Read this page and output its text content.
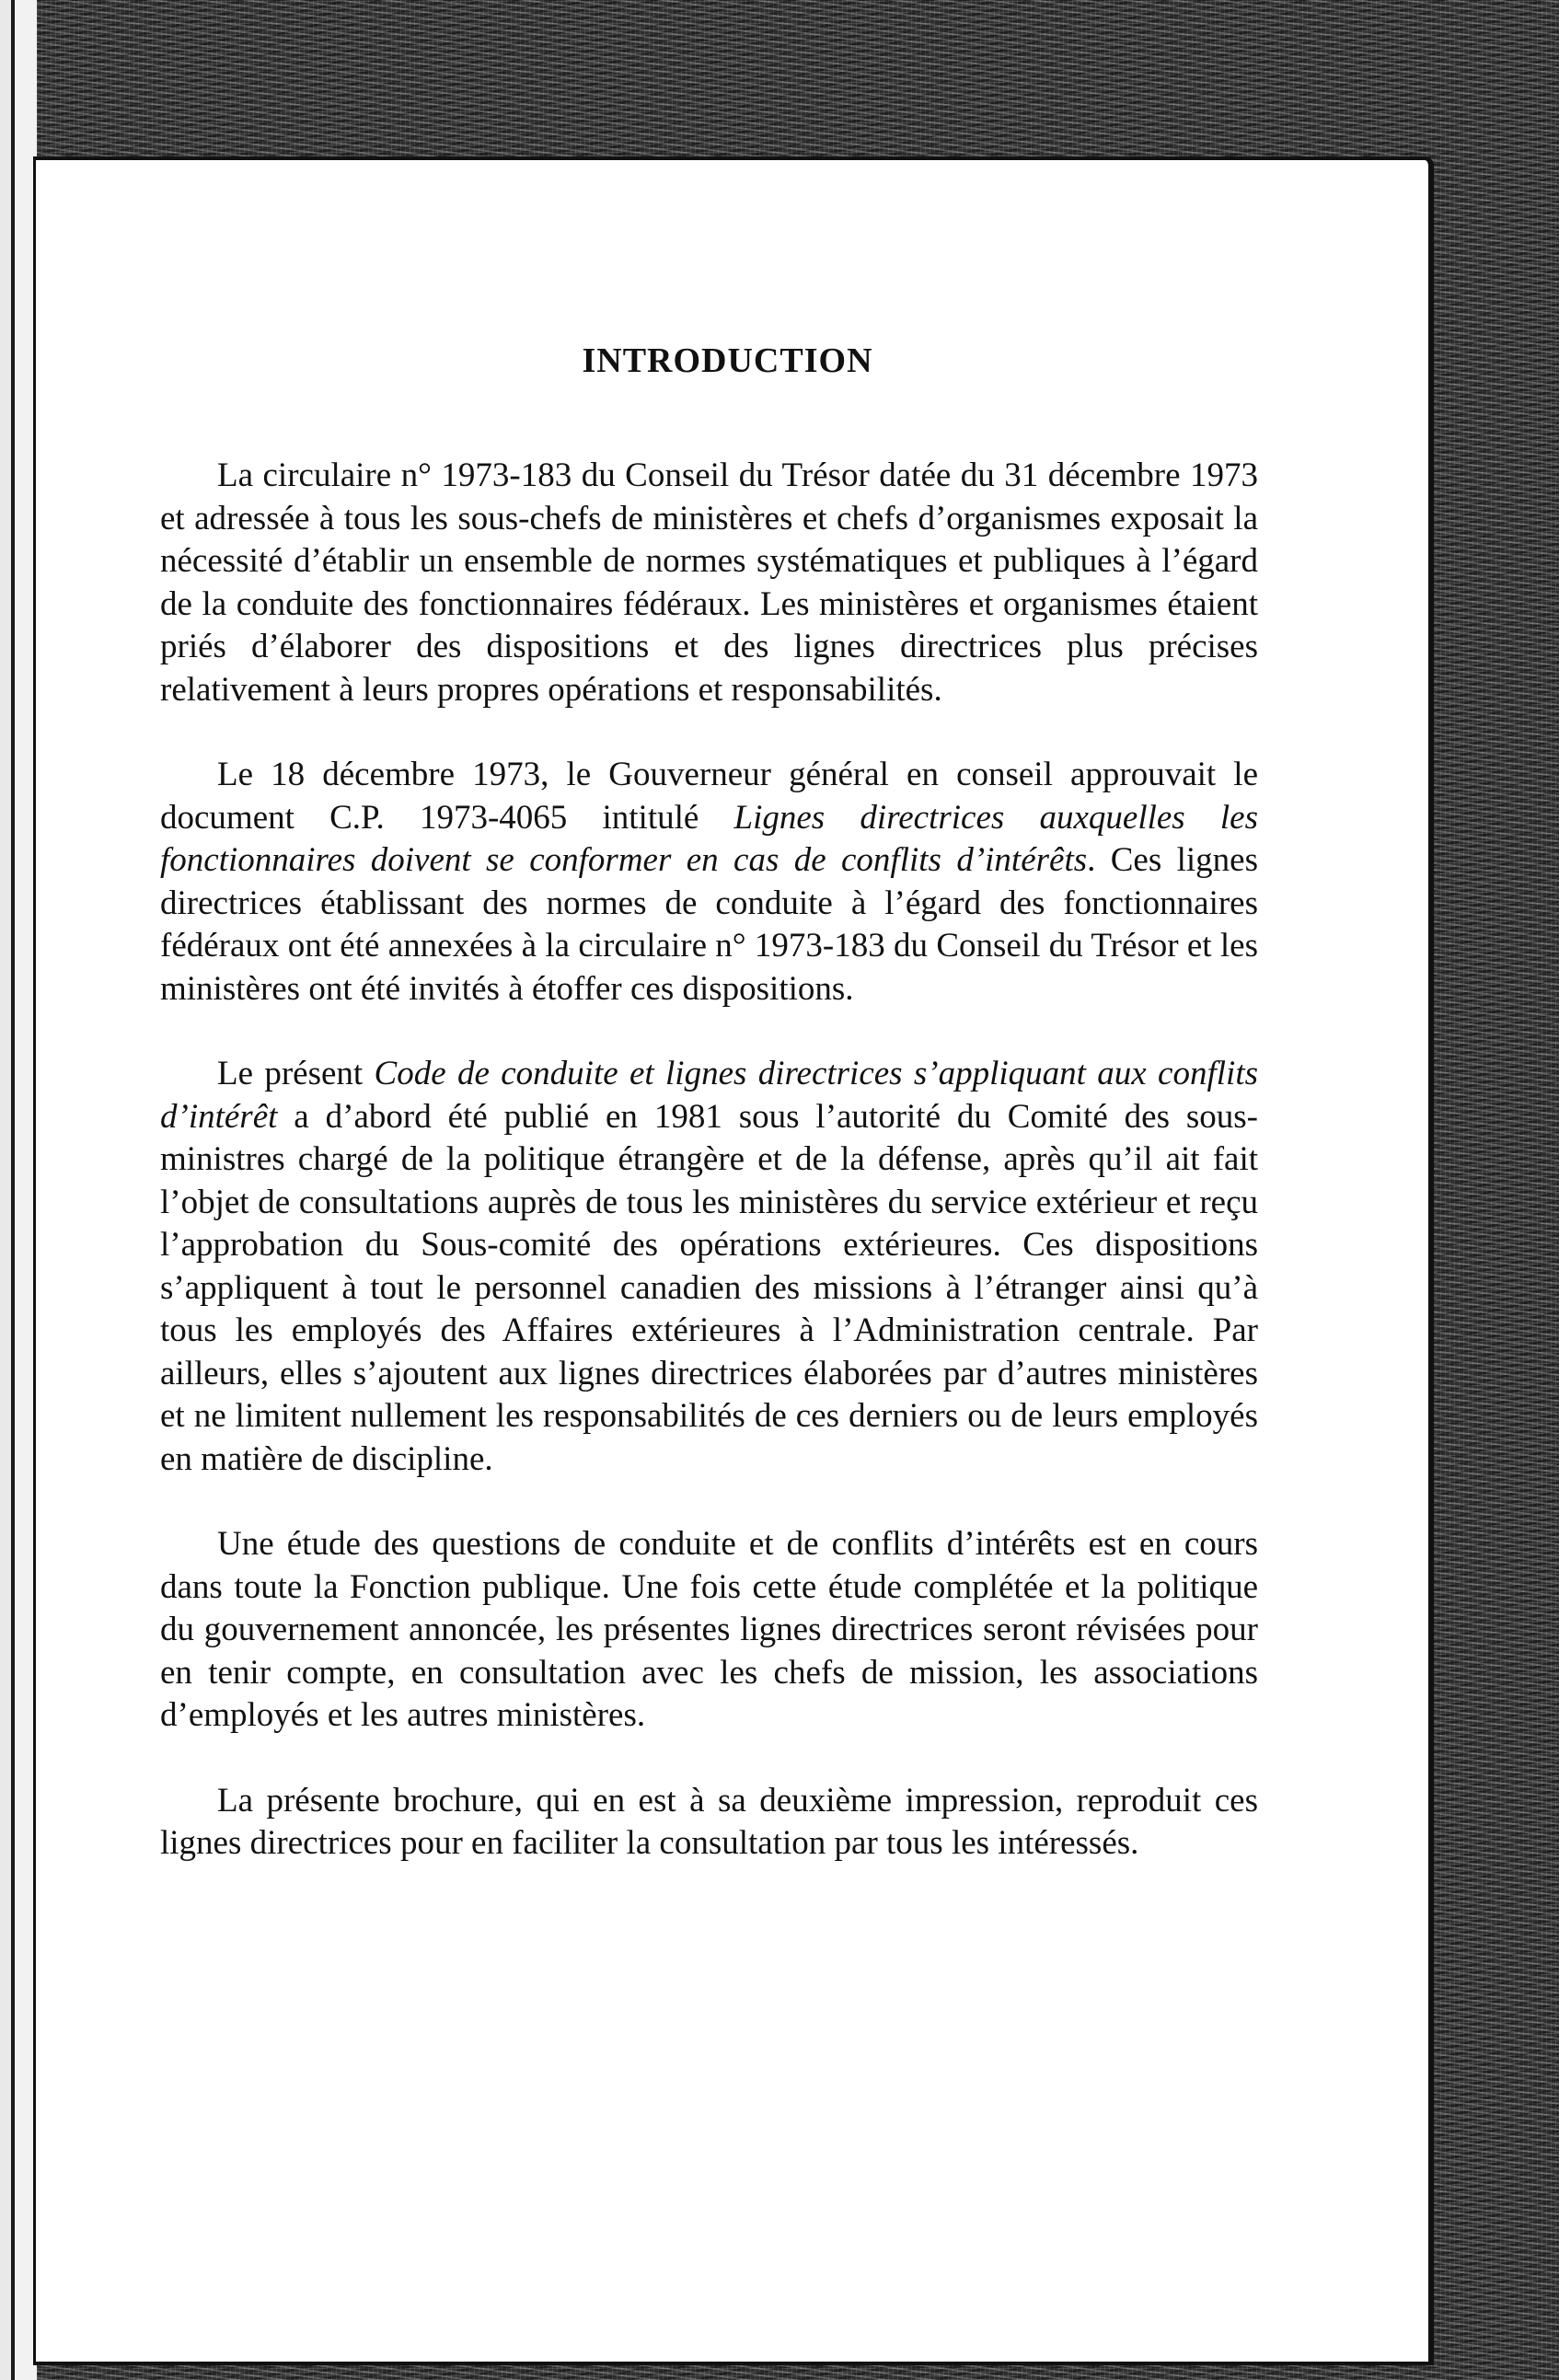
INTRODUCTION

La circulaire n° 1973-183 du Conseil du Trésor datée du 31 décembre 1973 et adressée à tous les sous-chefs de ministères et chefs d’organismes exposait la nécessité d’établir un ensemble de normes systématiques et publiques à l’égard de la conduite des fonctionnaires fédéraux. Les ministères et organismes étaient priés d’élaborer des dispositions et des lignes directrices plus précises relativement à leurs propres opérations et responsabilités.

Le 18 décembre 1973, le Gouverneur général en conseil approuvait le document C.P. 1973-4065 intitulé Lignes directrices auxquelles les fonctionnaires doivent se conformer en cas de conflits d’intérêts. Ces lignes directrices établissant des normes de conduite à l’égard des fonctionnaires fédéraux ont été annexées à la circulaire n° 1973-183 du Conseil du Trésor et les ministères ont été invités à étoffer ces dispositions.

Le présent Code de conduite et lignes directrices s’appliquant aux conflits d’intérêt a d’abord été publié en 1981 sous l’autorité du Comité des sous-ministres chargé de la politique étrangère et de la défense, après qu’il ait fait l’objet de consultations auprès de tous les ministères du service extérieur et reçu l’approbation du Sous-comité des opérations extérieures. Ces dispositions s’appliquent à tout le personnel canadien des missions à l’étranger ainsi qu’à tous les employés des Affaires extérieures à l’Administration centrale. Par ailleurs, elles s’ajoutent aux lignes directrices élaborées par d’autres ministères et ne limitent nullement les responsabilités de ces derniers ou de leurs employés en matière de discipline.

Une étude des questions de conduite et de conflits d’intérêts est en cours dans toute la Fonction publique. Une fois cette étude complétée et la politique du gouvernement annoncée, les présentes lignes directrices seront révisées pour en tenir compte, en consultation avec les chefs de mission, les associations d’employés et les autres ministères.

La présente brochure, qui en est à sa deuxième impression, reproduit ces lignes directrices pour en faciliter la consultation par tous les intéressés.
